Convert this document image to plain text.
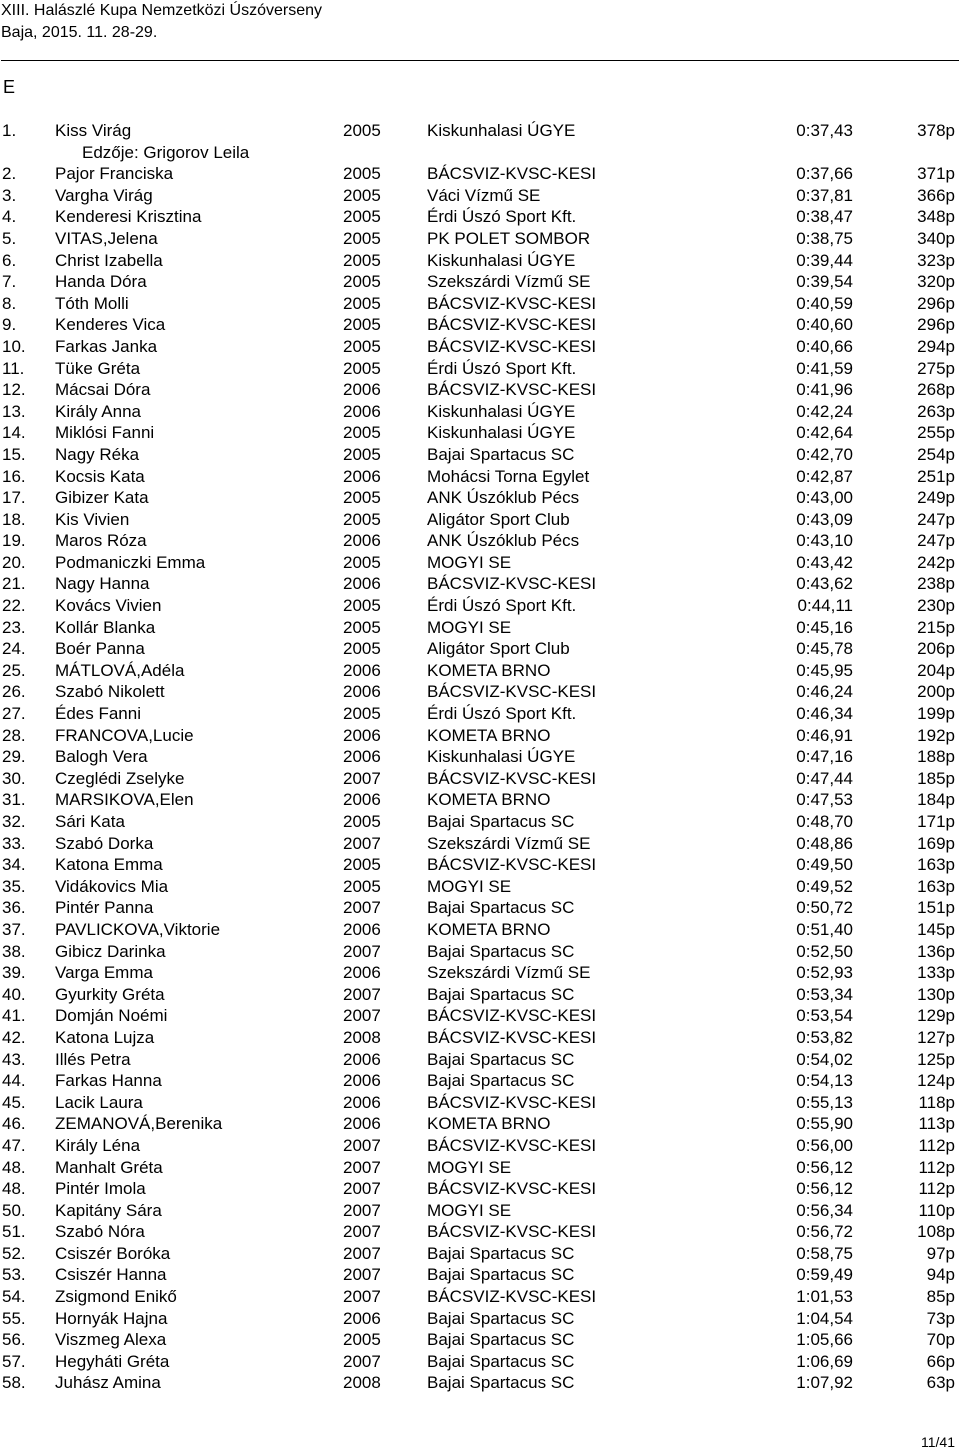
XIII. Halászlé Kupa Nemzetközi Úszóverseny
Baja, 2015. 11. 28-29.
E
1. Kiss Virág	2005	Kiskunhalasi ÚGYE	0:37,43	378p
Edzője: Grigorov Leila
2. Pajor Franciska	2005	BÁCSVIZ-KVSC-KESI	0:37,66	371p
3. Vargha Virág	2005	Váci Vízmű SE	0:37,81	366p
4. Kenderesi Krisztina	2005	Érdi Úszó Sport Kft.	0:38,47	348p
5. VITAS,Jelena	2005	PK POLET SOMBOR	0:38,75	340p
6. Christ Izabella	2005	Kiskunhalasi ÚGYE	0:39,44	323p
7. Handa Dóra	2005	Szekszárdi Vízmű SE	0:39,54	320p
8. Tóth Molli	2005	BÁCSVIZ-KVSC-KESI	0:40,59	296p
9. Kenderes Vica	2005	BÁCSVIZ-KVSC-KESI	0:40,60	296p
10. Farkas Janka	2005	BÁCSVIZ-KVSC-KESI	0:40,66	294p
11. Tüke Gréta	2005	Érdi Úszó Sport Kft.	0:41,59	275p
12. Mácsai Dóra	2006	BÁCSVIZ-KVSC-KESI	0:41,96	268p
13. Király Anna	2006	Kiskunhalasi ÚGYE	0:42,24	263p
14. Miklósi Fanni	2005	Kiskunhalasi ÚGYE	0:42,64	255p
15. Nagy Réka	2005	Bajai Spartacus SC	0:42,70	254p
16. Kocsis Kata	2006	Mohácsi Torna Egylet	0:42,87	251p
17. Gibizer Kata	2005	ANK Úszóklub Pécs	0:43,00	249p
18. Kis Vivien	2005	Aligátor Sport Club	0:43,09	247p
19. Maros Róza	2006	ANK Úszóklub Pécs	0:43,10	247p
20. Podmaniczki Emma	2005	MOGYI SE	0:43,42	242p
21. Nagy Hanna	2006	BÁCSVIZ-KVSC-KESI	0:43,62	238p
22. Kovács Vivien	2005	Érdi Úszó Sport Kft.	0:44,11	230p
23. Kollár Blanka	2005	MOGYI SE	0:45,16	215p
24. Boér Panna	2005	Aligátor Sport Club	0:45,78	206p
25. MÁTLOVÁ,Adéla	2006	KOMETA BRNO	0:45,95	204p
26. Szabó Nikolett	2006	BÁCSVIZ-KVSC-KESI	0:46,24	200p
27. Édes Fanni	2005	Érdi Úszó Sport Kft.	0:46,34	199p
28. FRANCOVA,Lucie	2006	KOMETA BRNO	0:46,91	192p
29. Balogh Vera	2006	Kiskunhalasi ÚGYE	0:47,16	188p
30. Czeglédi Zselyke	2007	BÁCSVIZ-KVSC-KESI	0:47,44	185p
31. MARSIKOVA,Elen	2006	KOMETA BRNO	0:47,53	184p
32. Sári Kata	2005	Bajai Spartacus SC	0:48,70	171p
33. Szabó Dorka	2007	Szekszárdi Vízmű SE	0:48,86	169p
34. Katona Emma	2005	BÁCSVIZ-KVSC-KESI	0:49,50	163p
35. Vidákovics Mia	2005	MOGYI SE	0:49,52	163p
36. Pintér Panna	2007	Bajai Spartacus SC	0:50,72	151p
37. PAVLICKOVA,Viktorie	2006	KOMETA BRNO	0:51,40	145p
38. Gibicz Darinka	2007	Bajai Spartacus SC	0:52,50	136p
39. Varga Emma	2006	Szekszárdi Vízmű SE	0:52,93	133p
40. Gyurkity Gréta	2007	Bajai Spartacus SC	0:53,34	130p
41. Domján Noémi	2007	BÁCSVIZ-KVSC-KESI	0:53,54	129p
42. Katona Lujza	2008	BÁCSVIZ-KVSC-KESI	0:53,82	127p
43. Illés Petra	2006	Bajai Spartacus SC	0:54,02	125p
44. Farkas Hanna	2006	Bajai Spartacus SC	0:54,13	124p
45. Lacik Laura	2006	BÁCSVIZ-KVSC-KESI	0:55,13	118p
46. ZEMANOVÁ,Berenika	2006	KOMETA BRNO	0:55,90	113p
47. Király Léna	2007	BÁCSVIZ-KVSC-KESI	0:56,00	112p
48. Manhalt Gréta	2007	MOGYI SE	0:56,12	112p
48. Pintér Imola	2007	BÁCSVIZ-KVSC-KESI	0:56,12	112p
50. Kapitány Sára	2007	MOGYI SE	0:56,34	110p
51. Szabó Nóra	2007	BÁCSVIZ-KVSC-KESI	0:56,72	108p
52. Csiszér Boróka	2007	Bajai Spartacus SC	0:58,75	97p
53. Csiszér Hanna	2007	Bajai Spartacus SC	0:59,49	94p
54. Zsigmond Enikő	2007	BÁCSVIZ-KVSC-KESI	1:01,53	85p
55. Hornyák Hajna	2006	Bajai Spartacus SC	1:04,54	73p
56. Viszmeg Alexa	2005	Bajai Spartacus SC	1:05,66	70p
57. Hegyháti Gréta	2007	Bajai Spartacus SC	1:06,69	66p
58. Juhász Amina	2008	Bajai Spartacus SC	1:07,92	63p
11/41
